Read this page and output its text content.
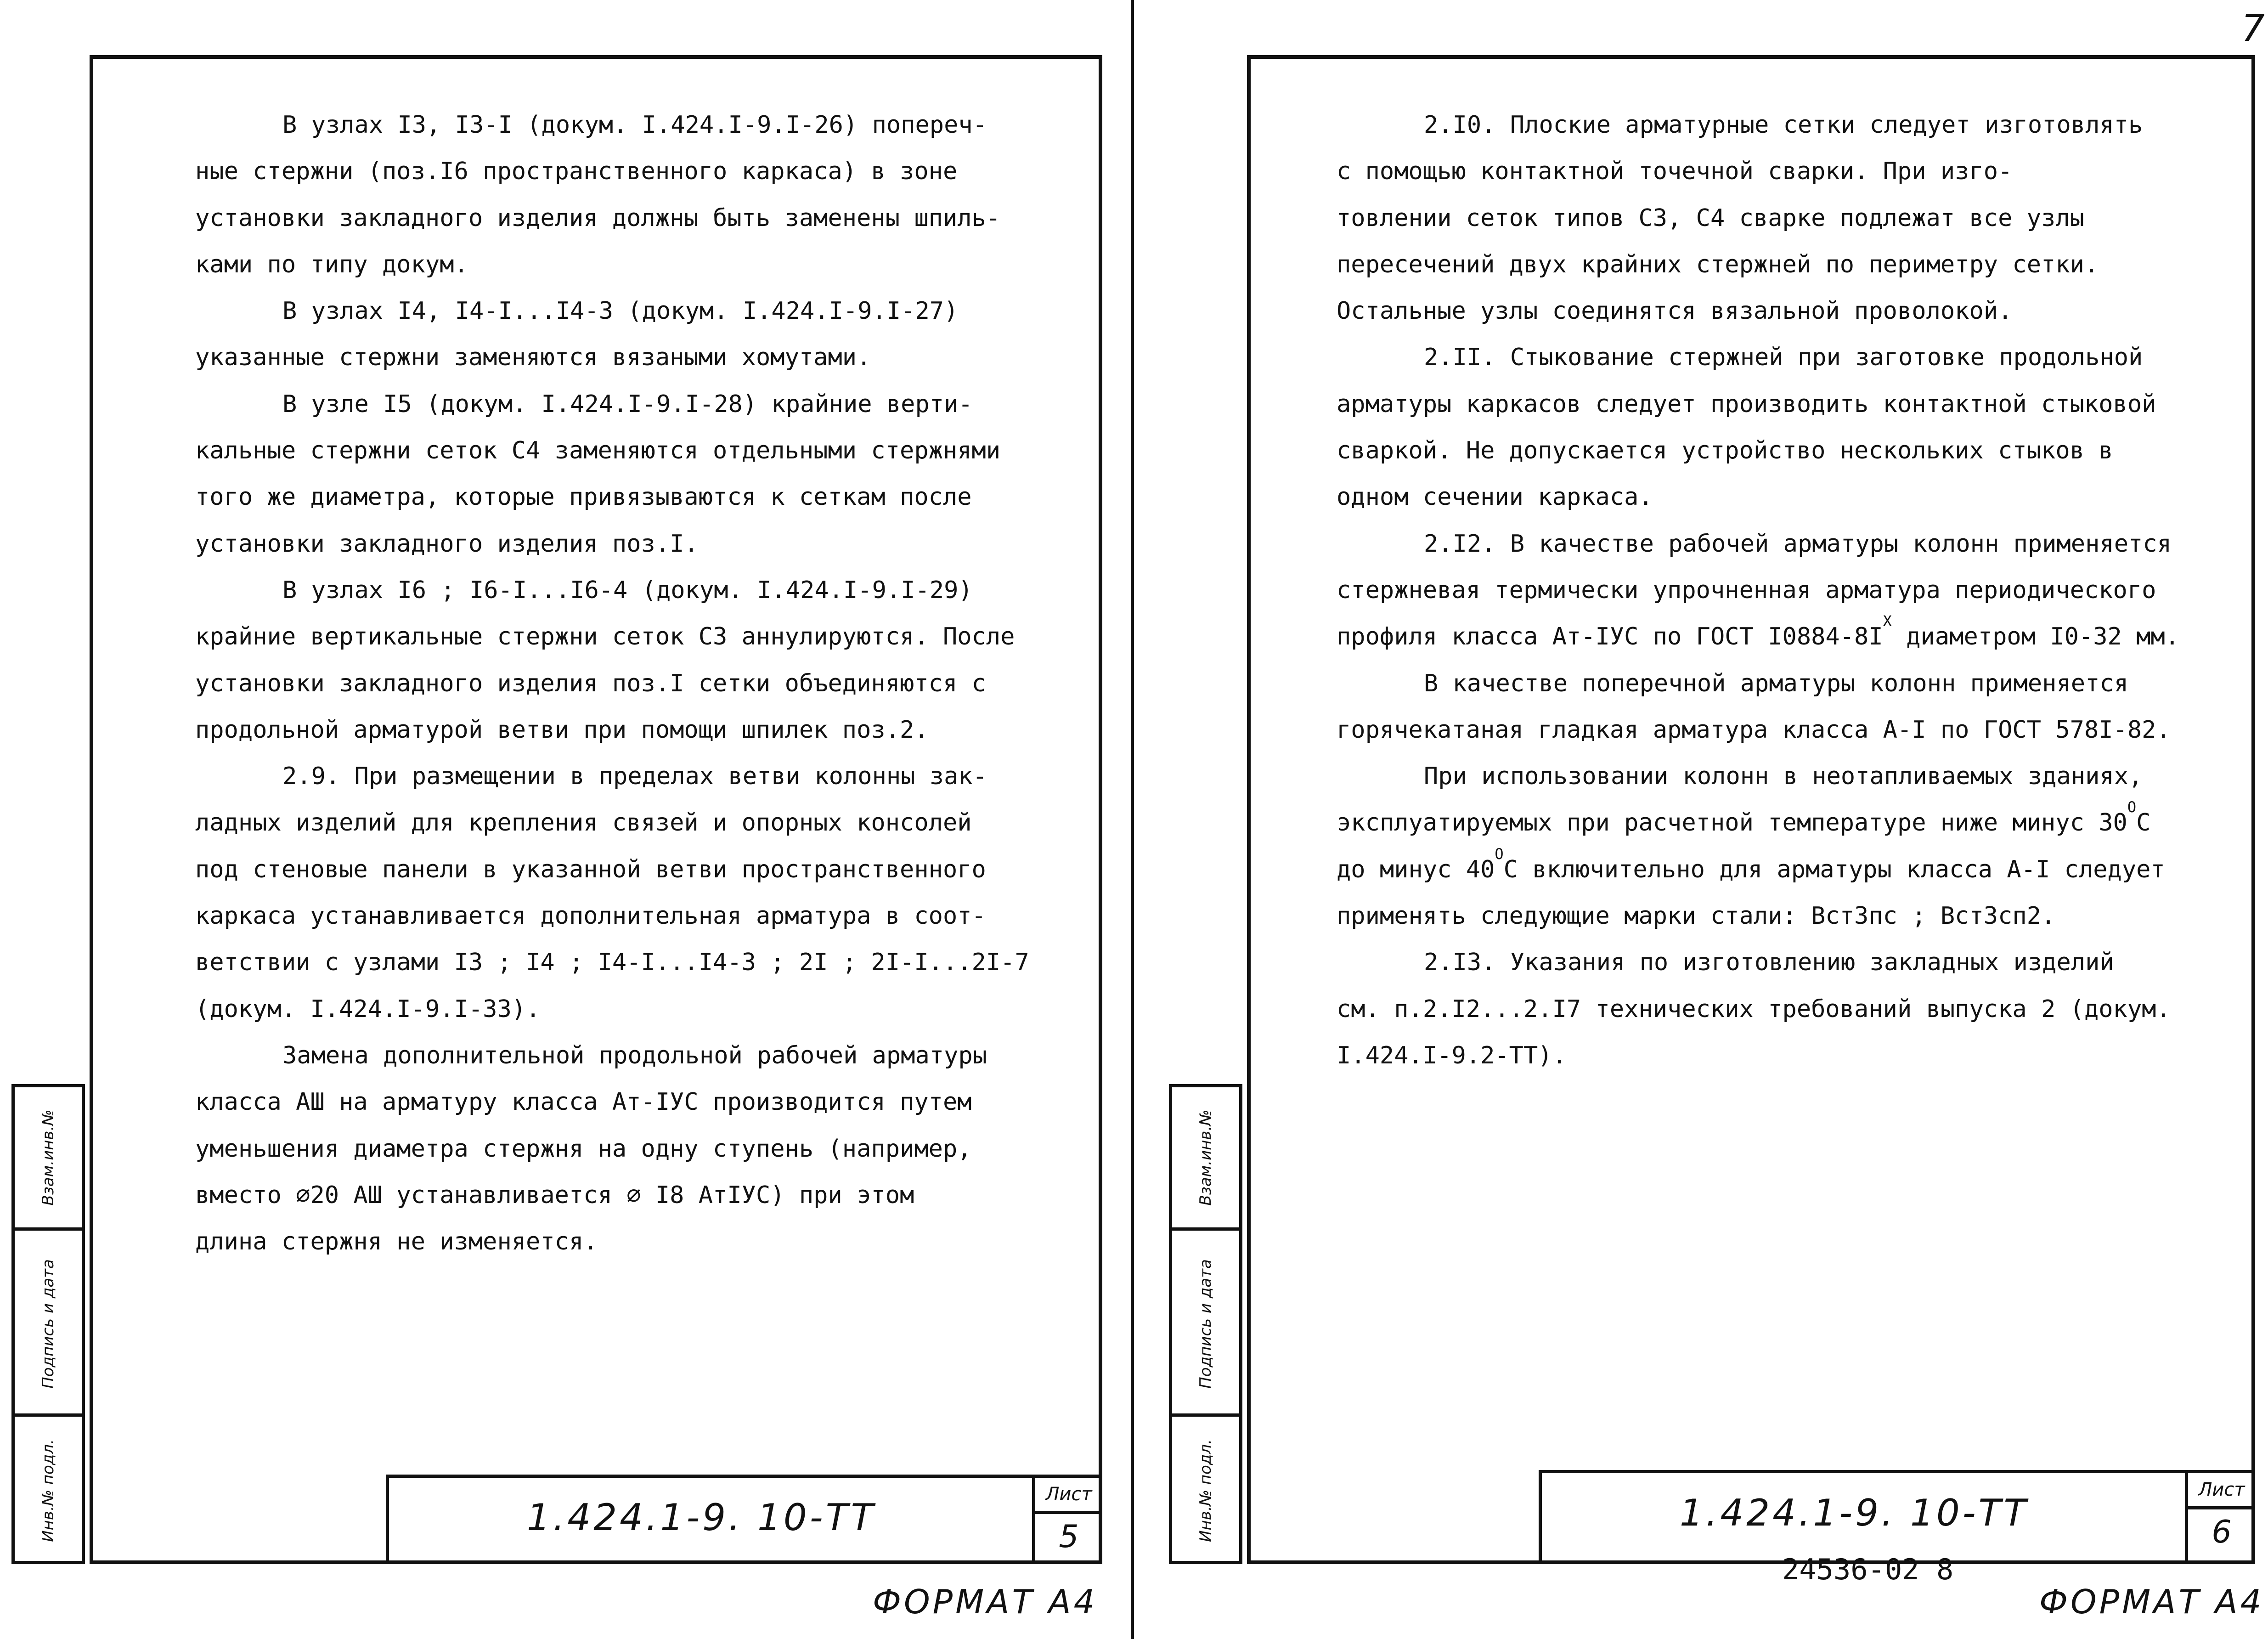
7
В узлах I3, I3-I (докум. I.424.I-9.I-26) попереч-
ные стержни (поз.I6 пространственного каркаса) в зоне
установки закладного изделия должны быть заменены шпиль-
ками по типу докум.
В узлах I4, I4-I...I4-3 (докум. I.424.I-9.I-27)
указанные стержни заменяются вязаными хомутами.
В узле I5 (докум. I.424.I-9.I-28) крайние верти-
кальные стержни сеток С4 заменяются отдельными стержнями
того же диаметра, которые привязываются к сеткам после
установки закладного изделия поз.I.
В узлах I6 ; I6-I...I6-4 (докум. I.424.I-9.I-29)
крайние вертикальные стержни сеток С3 аннулируются. После
установки закладного изделия поз.I сетки объединяются с
продольной арматурой ветви при помощи шпилек поз.2.
2.9. При размещении в пределах ветви колонны зак-
ладных изделий для крепления связей и опорных консолей
под стеновые панели в указанной ветви пространственного
каркаса устанавливается дополнительная арматура в соот-
ветствии с узлами I3 ; I4 ; I4-I...I4-3 ; 2I ; 2I-I...2I-7
(докум. I.424.I-9.I-33).
Замена дополнительной продольной рабочей арматуры
класса АШ на арматуру класса Ат-IУС производится путем
уменьшения диаметра стержня на одну ступень (например,
вместо ∅20 АШ устанавливается ∅ I8 АтIУС) при этом
длина стержня не изменяется.
Взам.инв.№
Подпись и дата
Инв.№ подл.	1.424.1-9. 10-ТТ
Лист
5
ФОРМАТ А4
2.I0. Плоские арматурные сетки следует изготовлять
с помощью контактной точечной сварки. При изго-
товлении сеток типов С3, С4 сварке подлежат все узлы
пересечений двух крайних стержней по периметру сетки.
Остальные узлы соединятся вязальной проволокой.
2.II. Стыкование стержней при заготовке продольной
арматуры каркасов следует производить контактной стыковой
сваркой. Не допускается устройство нескольких стыков в
одном сечении каркаса.
2.I2. В качестве рабочей арматуры колонн применяется
стержневая термически упрочненная арматура периодического
профиля класса Ат-IУС по ГОСТ $I0884-8I^Х$ диаметром I0-32 мм.
В качестве поперечной арматуры колонн применяется
горячекатаная гладкая арматура класса А-I по ГОСТ 578I-82.
При использовании колонн в неотапливаемых зданиях,
эксплуатируемых при расчетной температуре ниже минус $30^ОС$
до минус $40^ОС$ включительно для арматуры класса А-I следует
применять следующие марки стали: ВстЗпс ; ВстЗсп2.
2.I3. Указания по изготовлению закладных изделий
см. п.2.I2...2.I7 технических требований выпуска 2 (докум.
I.424.I-9.2-ТТ).
Взам.инв.№
Подпись и дата
Инв.№ подл.	1.424.1-9. 10-ТТ
Лист
6
24536-02 8
ФОРМАТ А4
